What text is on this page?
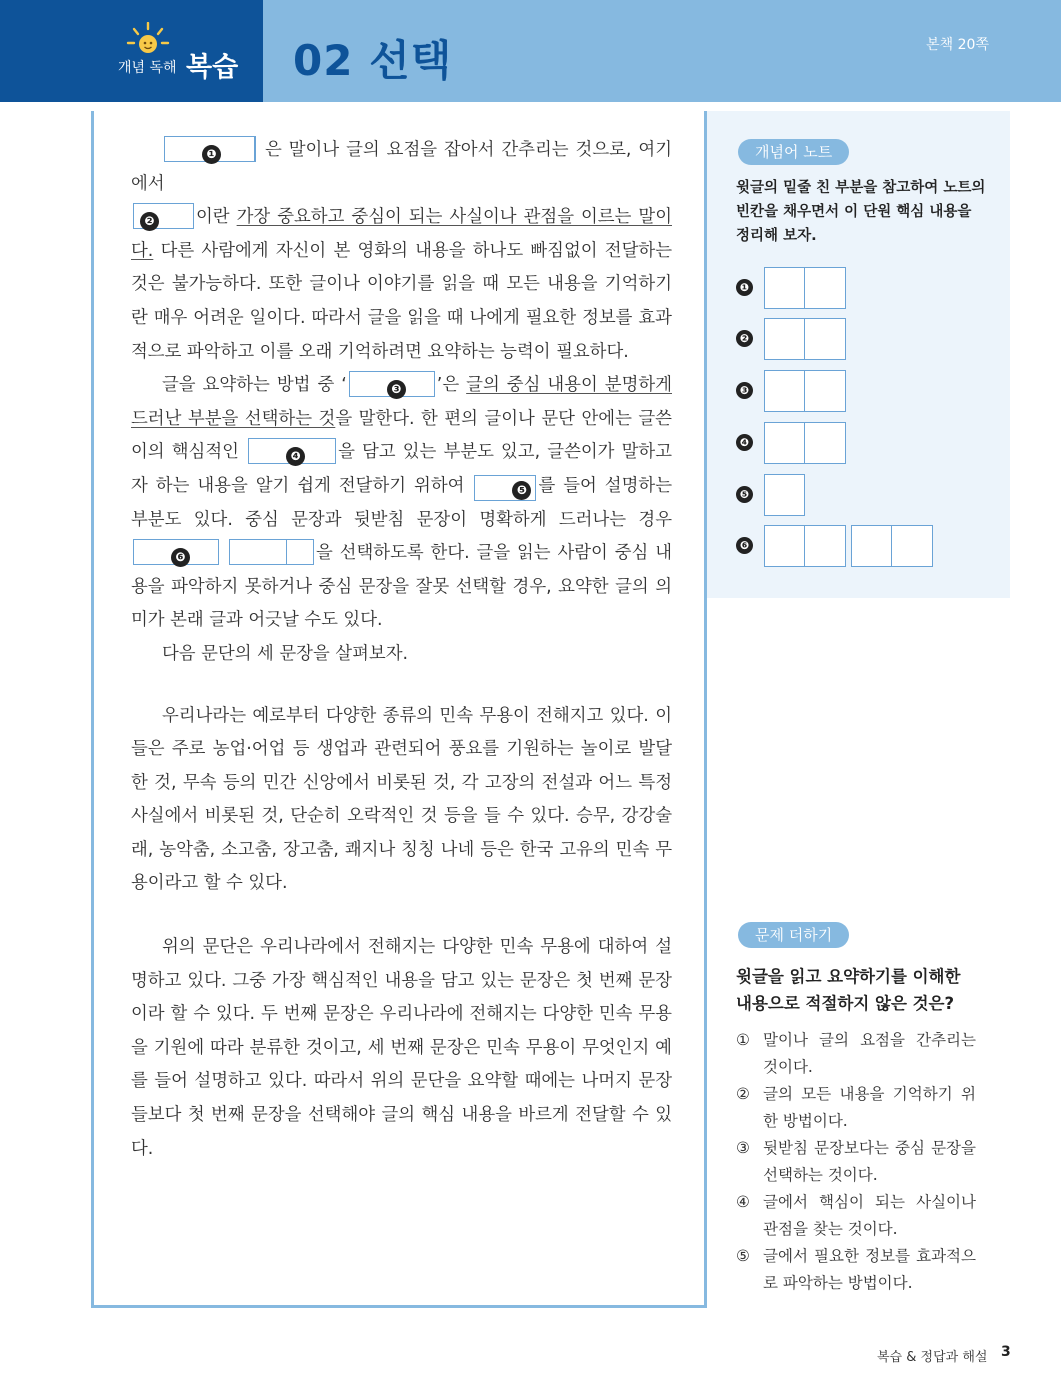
개념 독해 복습 02 선택	본책 20쪽

❶	은 말이나 글의 요점을 잡아서 간추리는 것으로, 여기에서
❷ 이란 가장 중요하고 중심이 되는 사실이나 관점을 이르는 말이다. 다른 사람에게 자신이 본 영화의 내용을 하나도 빠짐없이 전달하는 것은 불가능하다. 또한 글이나 이야기를 읽을 때 모든 내용을 기억하기란 매우 어려운 일이다. 따라서 글을 읽을 때 나에게 필요한 정보를 효과적으로 파악하고 이를 오래 기억하려면 요약하는 능력이 필요하다.

글을 요약하는 방법 중 ‘	❸ ’은 글의 중심 내용이 분명하게 드러난 부분을 선택하는 것을 말한다. 한 편의 글이나 문단 안에는 글쓴이의 핵심적인	❹ 을 담고 있는 부분도 있고, 글쓴이가 말하고자 하는 내용을 알기 쉽게 전달하기 위하여	❺ 를 들어 설명하는 부분도 있다. 중심 문장과 뒷받침 문장이 명확하게 드러나는 경우 ❻	을 선택하도록 한다. 글을 읽는 사람이 중심 내용을 파악하지 못하거나 중심 문장을 잘못 선택할 경우, 요약한 글의 의미가 본래 글과 어긋날 수도 있다.

다음 문단의 세 문장을 살펴보자.

우리나라는 예로부터 다양한 종류의 민속 무용이 전해지고 있다. 이들은 주로 농업·어업 등 생업과 관련되어 풍요를 기원하는 놀이로 발달한 것, 무속 등의 민간 신앙에서 비롯된 것, 각 고장의 전설과 어느 특정 사실에서 비롯된 것, 단순히 오락적인 것 등을 들 수 있다. 승무, 강강술래, 농악춤, 소고춤, 장고춤, 쾌지나 칭칭 나네 등은 한국 고유의 민속 무용이라고 할 수 있다.

위의 문단은 우리나라에서 전해지는 다양한 민속 무용에 대하여 설명하고 있다. 그중 가장 핵심적인 내용을 담고 있는 문장은 첫 번째 문장이라 할 수 있다. 두 번째 문장은 우리나라에 전해지는 다양한 민속 무용을 기원에 따라 분류한 것이고, 세 번째 문장은 민속 무용이 무엇인지 예를 들어 설명하고 있다. 따라서 위의 문단을 요약할 때에는 나머지 문장들보다 첫 번째 문장을 선택해야 글의 핵심 내용을 바르게 전달할 수 있다.

개념어 노트
윗글의 밑줄 친 부분을 참고하여 노트의 빈칸을 채우면서 이 단원 핵심 내용을 정리해 보자.
❶
❷
❸
❹
❺
❻
문제 더하기
윗글을 읽고 요약하기를 이해한 내용으로 적절하지 않은 것은?
① 말이나 글의 요점을 간추리는 것이다.
② 글의 모든 내용을 기억하기 위한 방법이다.
③ 뒷받침 문장보다는 중심 문장을 선택하는 것이다.
④ 글에서 핵심이 되는 사실이나 관점을 찾는 것이다.
⑤ 글에서 필요한 정보를 효과적으로 파악하는 방법이다.
복습 & 정답과 해설 3
